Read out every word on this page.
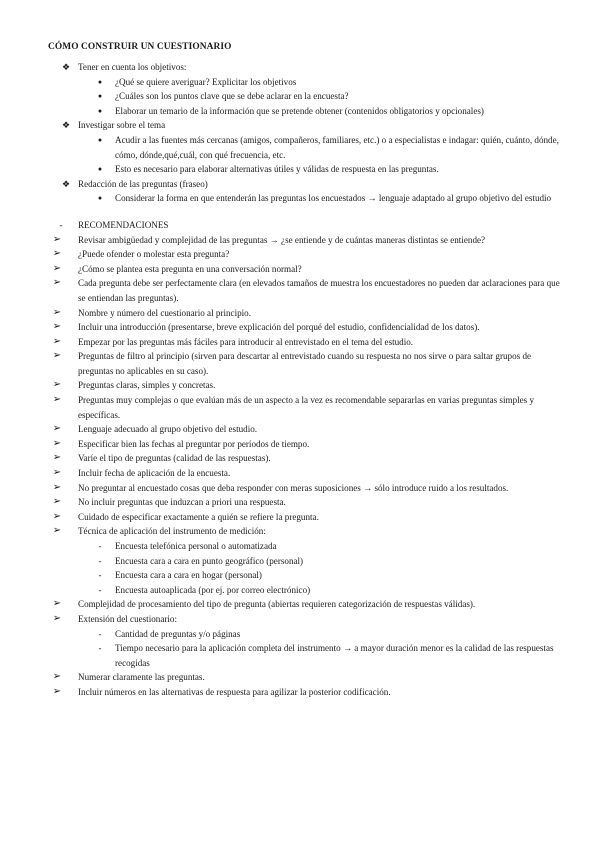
CÓMO CONSTRUIR UN CUESTIONARIO
❖ Tener en cuenta los objetivos:
●	¿Qué se quiere averiguar? Explicitar los objetivos
●	¿Cuáles son los puntos clave que se debe aclarar en la encuesta?
●	Elaborar un temario de la información que se pretende obtener (contenidos obligatorios y opcionales)
❖ Investigar sobre el tema
●	Acudir a las fuentes más cercanas (amigos, compañeros, familiares, etc.) o a especialistas e indagar: quién, cuánto, dónde, cómo, dónde,qué,cuál, con qué frecuencia, etc.
●	Esto es necesario para elaborar alternativas útiles y válidas de respuesta en las preguntas.
❖ Redacción de las preguntas (fraseo)
●	Considerar la forma en que entenderán las preguntas los encuestados → lenguaje adaptado al grupo objetivo del estudio
-	RECOMENDACIONES
➢	Revisar ambigüedad y complejidad de las preguntas → ¿se entiende y de cuántas maneras distintas se entiende?
➢	¿Puede ofender o molestar esta pregunta?
➢	¿Cómo se plantea esta pregunta en una conversación normal?
➢	Cada pregunta debe ser perfectamente clara (en elevados tamaños de muestra los encuestadores no pueden dar aclaraciones para que se entiendan las preguntas).
➢	Nombre y número del cuestionario al principio.
➢	Incluir una introducción (presentarse, breve explicación del porqué del estudio, confidencialidad de los datos).
➢	Empezar por las preguntas más fáciles para introducir al entrevistado en el tema del estudio.
➢	Preguntas de filtro al principio (sirven para descartar al entrevistado cuando su respuesta no nos sirve o para saltar grupos de preguntas no aplicables en su caso).
➢	Preguntas claras, simples y concretas.
➢	Preguntas muy complejas o que evalúan más de un aspecto a la vez es recomendable separarlas en varias preguntas simples y específicas.
➢	Lenguaje adecuado al grupo objetivo del estudio.
➢	Especificar bien las fechas al preguntar por períodos de tiempo.
➢	Varíe el tipo de preguntas (calidad de las respuestas).
➢	Incluir fecha de aplicación de la encuesta.
➢	No preguntar al encuestado cosas que deba responder con meras suposiciones → sólo introduce ruido a los resultados.
➢	No incluir preguntas que induzcan a priori una respuesta.
➢	Cuidado de especificar exactamente a quién se refiere la pregunta.
➢	Técnica de aplicación del instrumento de medición:
-	Encuesta telefónica personal o automatizada
-	Encuesta cara a cara en punto geográfico (personal)
-	Encuesta cara a cara en hogar (personal)
-	Encuesta autoaplicada (por ej. por correo electrónico)
➢	Complejidad de procesamiento del tipo de pregunta (abiertas requieren categorización de respuestas válidas).
➢	Extensión del cuestionario:
-	Cantidad de preguntas y/o páginas
-	Tiempo necesario para la aplicación completa del instrumento → a mayor duración menor es la calidad de las respuestas recogidas
➢	Numerar claramente las preguntas.
➢	Incluir números en las alternativas de respuesta para agilizar la posterior codificación.
